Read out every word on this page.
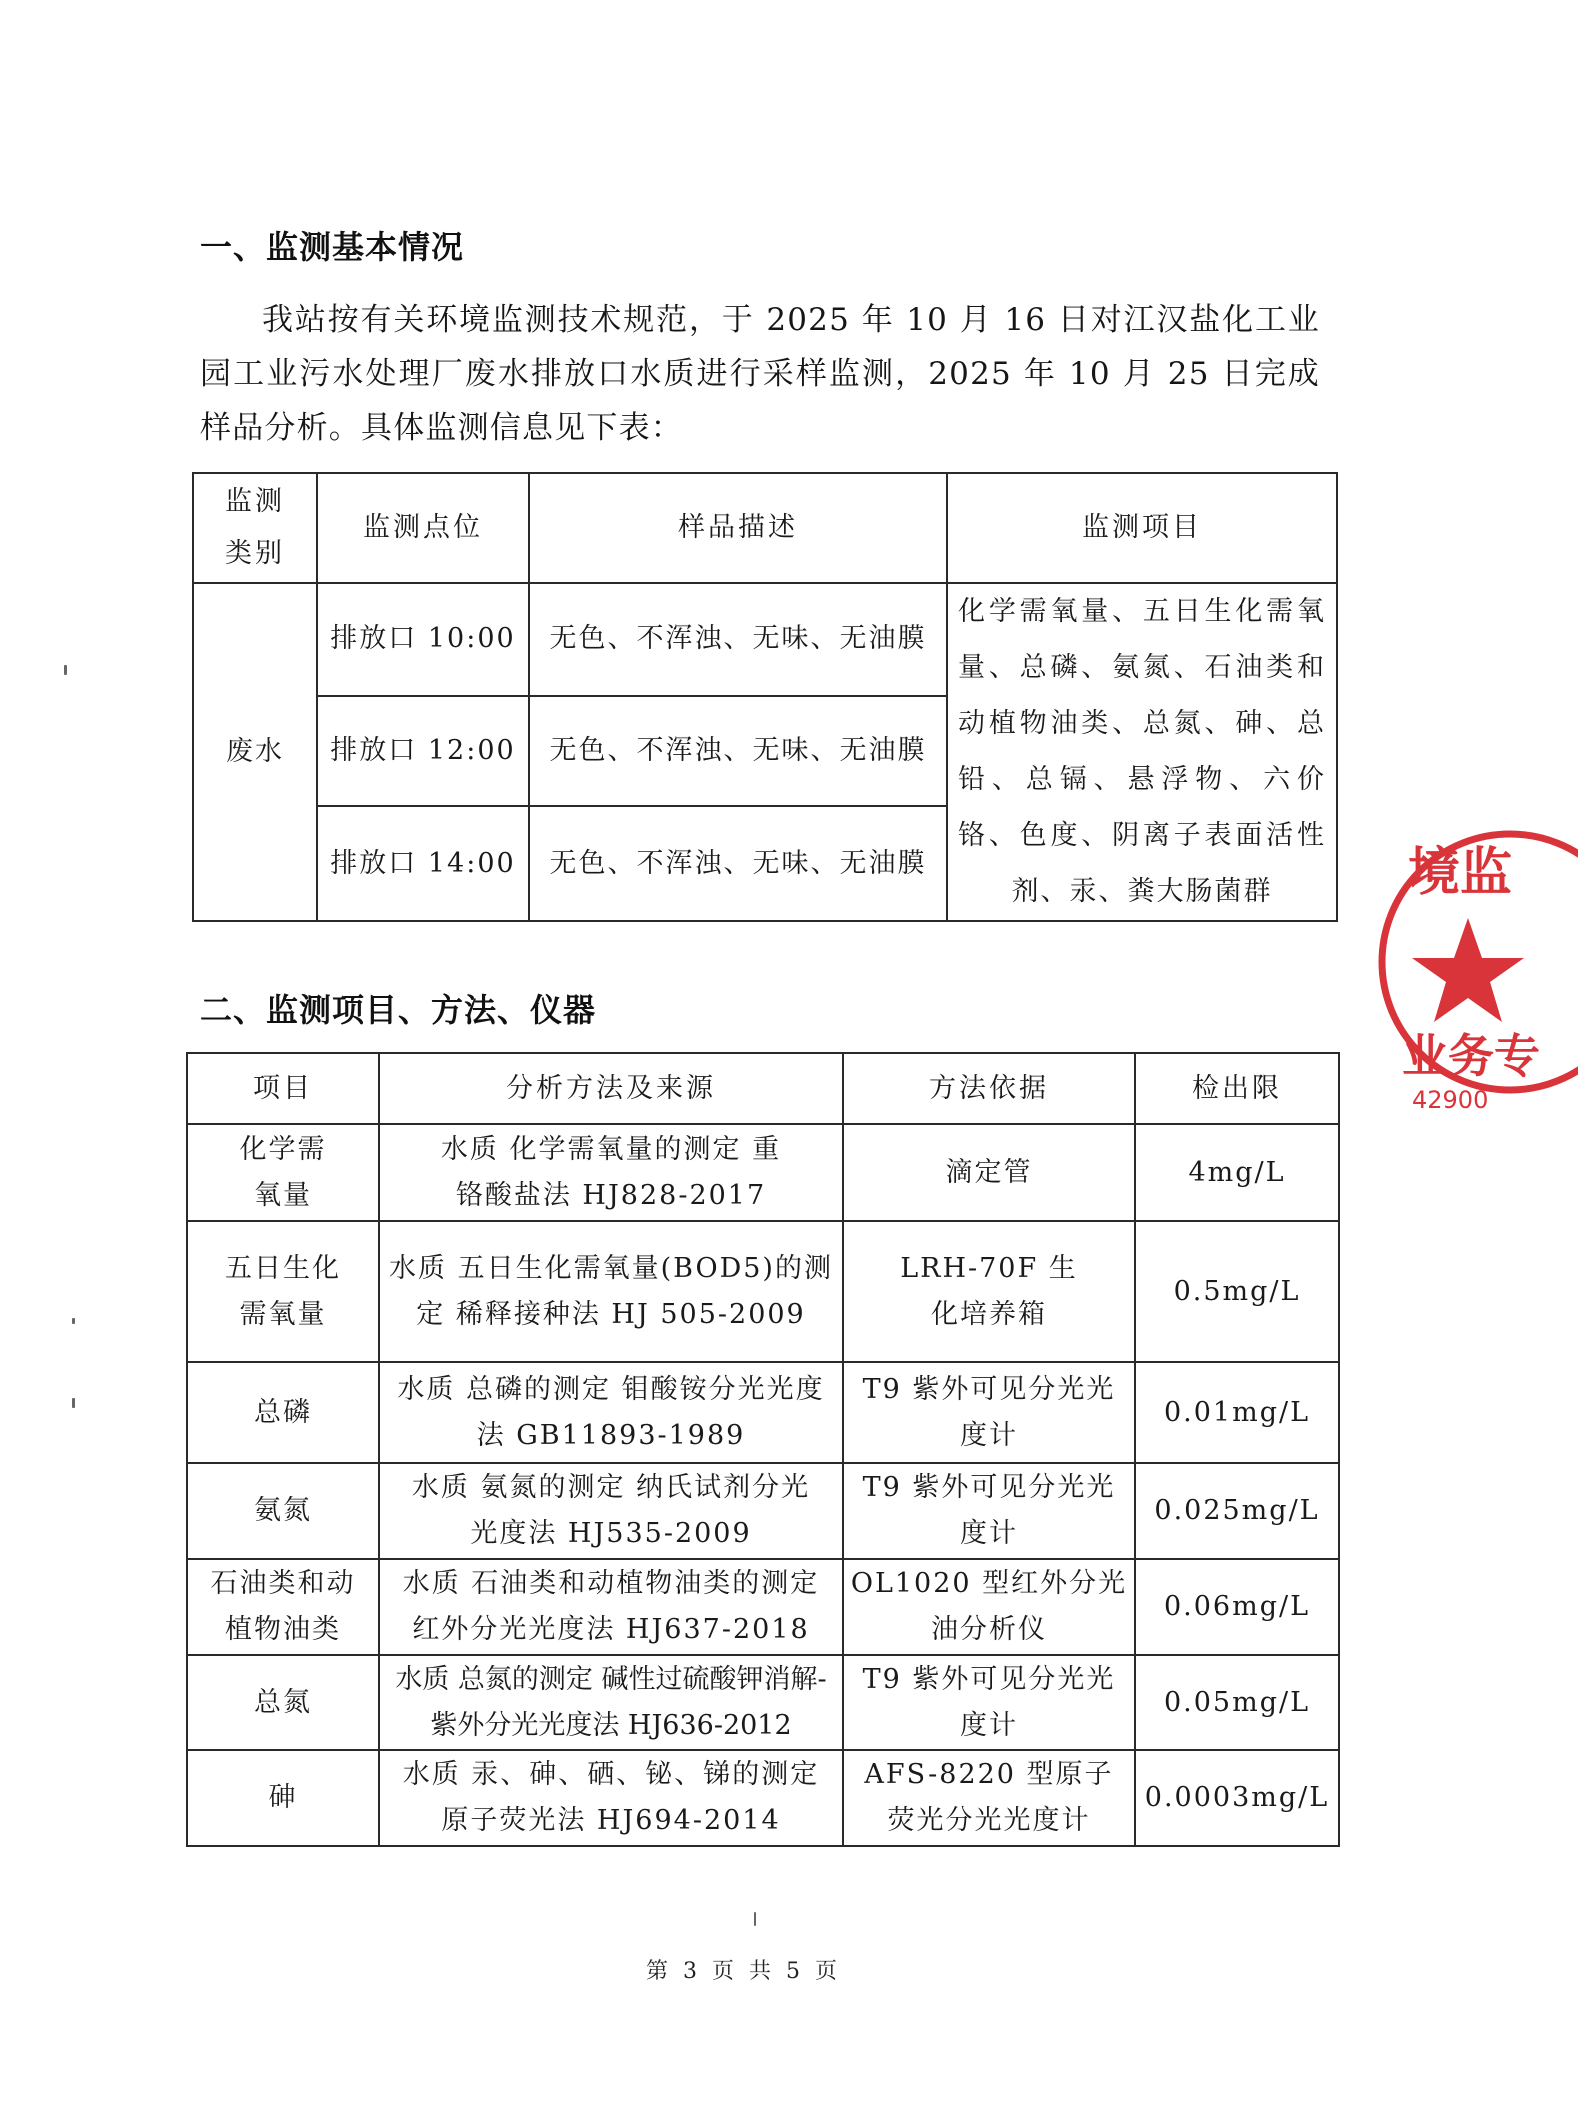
一、监测基本情况

我站按有关环境监测技术规范，于 2025 年 10 月 16 日对江汉盐化工业园工业污水处理厂废水排放口水质进行采样监测，2025 年 10 月 25 日完成样品分析。具体监测信息见下表：

监测类别	监测点位	样品描述	监测项目
废水	排放口 10:00	无色、不浑浊、无味、无油膜	化学需氧量、五日生化需氧量、总磷、氨氮、石油类和动植物油类、总氮、砷、总铅、总镉、悬浮物、六价铬、色度、阴离子表面活性剂、汞、粪大肠菌群
	排放口 12:00	无色、不浑浊、无味、无油膜	
	排放口 14:00	无色、不浑浊、无味、无油膜	
二、监测项目、方法、仪器
项目	分析方法及来源	方法依据	检出限
化学需氧量	水质 化学需氧量的测定 重铬酸盐法 HJ828-2017	滴定管	4mg/L
五日生化需氧量	水质 五日生化需氧量(BOD5)的测定 稀释接种法 HJ 505-2009	LRH-70F 生化培养箱	0.5mg/L
总磷	水质 总磷的测定 钼酸铵分光光度法 GB11893-1989	T9 紫外可见分光光度计	0.01mg/L
氨氮	水质 氨氮的测定 纳氏试剂分光光度法 HJ535-2009	T9 紫外可见分光光度计	0.025mg/L
石油类和动植物油类	水质 石油类和动植物油类的测定 红外分光光度法 HJ637-2018	OL1020 型红外分光油分析仪	0.06mg/L
总氮	水质 总氮的测定 碱性过硫酸钾消解-紫外分光光度法 HJ636-2012	T9 紫外可见分光光度计	0.05mg/L
砷	水质 汞、砷、硒、铋、锑的测定 原子荧光法 HJ694-2014	AFS-8220 型原子荧光分光光度计	0.0003mg/L
第 3 页 共 5 页
境监
业务专
42900
